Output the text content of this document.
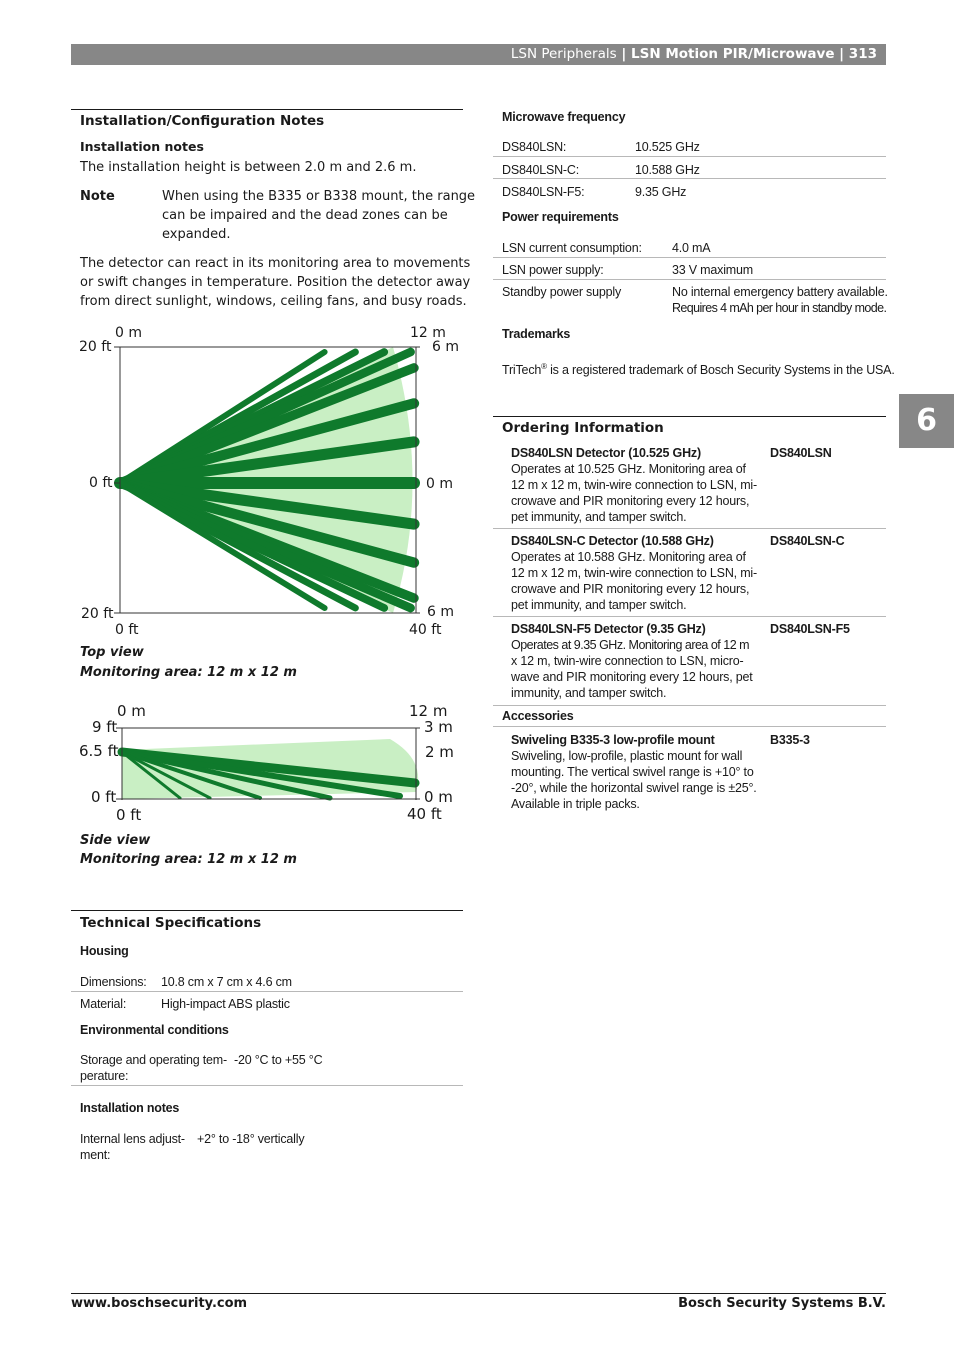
LSN Peripherals | LSN Motion PIR/Microwave | 313
6
Installation/Configuration Notes
Installation notes
The installation height is between 2.0 m and 2.6 m.
Note	When using the B335 or B338 mount, the range
can be impaired and the dead zones can be
expanded.
The detector can react in its monitoring area to movements
or swift changes in temperature. Position the detector away
from direct sunlight, windows, ceiling fans, and busy roads.
0 m	12 m
20 ft	6 m
0 ft	0 m
20 ft	6 m
0 ft	40 ft
Top view
Monitoring area: 12 m x 12 m
0 m	12 m
9 ft	3 m
6.5 ft	2 m
0 ft	0 m
0 ft	40 ft
Side view
Monitoring area: 12 m x 12 m
Technical Specifications
Housing
Dimensions: 10.8 cm x 7 cm x 4.6 cm
Material:	High-impact ABS plastic
Environmental conditions
Storage and operating tem-
perature:
-20 °C to +55 °C
Installation notes
Internal lens adjust-
ment:
+2° to -18° vertically
Microwave frequency
DS840LSN:	10.525 GHz
DS840LSN-C:	10.588 GHz
DS840LSN-F5:	9.35 GHz
Power requirements
LSN current consumption: 4.0 mA
LSN power supply:	33 V maximum
Standby power supply	No internal emergency battery available.
Requires 4 mAh per hour in standby mode.
Trademarks
TriTech® is a registered trademark of Bosch Security Systems in the USA.
Ordering Information
DS840LSN Detector (10.525 GHz)
Operates at 10.525 GHz. Monitoring area of
12 m x 12 m, twin-wire connection to LSN, mi-
crowave and PIR monitoring every 12 hours,
pet immunity, and tamper switch.
DS840LSN
DS840LSN-C Detector (10.588 GHz)
Operates at 10.588 GHz. Monitoring area of
12 m x 12 m, twin-wire connection to LSN, mi-
crowave and PIR monitoring every 12 hours,
pet immunity, and tamper switch.
DS840LSN-C
DS840LSN-F5 Detector (9.35 GHz)
Operates at 9.35 GHz. Monitoring area of 12 m
x 12 m, twin-wire connection to LSN, micro-
wave and PIR monitoring every 12 hours, pet
immunity, and tamper switch.
DS840LSN-F5
Accessories
Swiveling B335-3 low-profile mount
Swiveling, low-profile, plastic mount for wall
mounting. The vertical swivel range is +10° to
-20°, while the horizontal swivel range is ±25°.
Available in triple packs.
B335-3
www.boschsecurity.com	Bosch Security Systems B.V.
